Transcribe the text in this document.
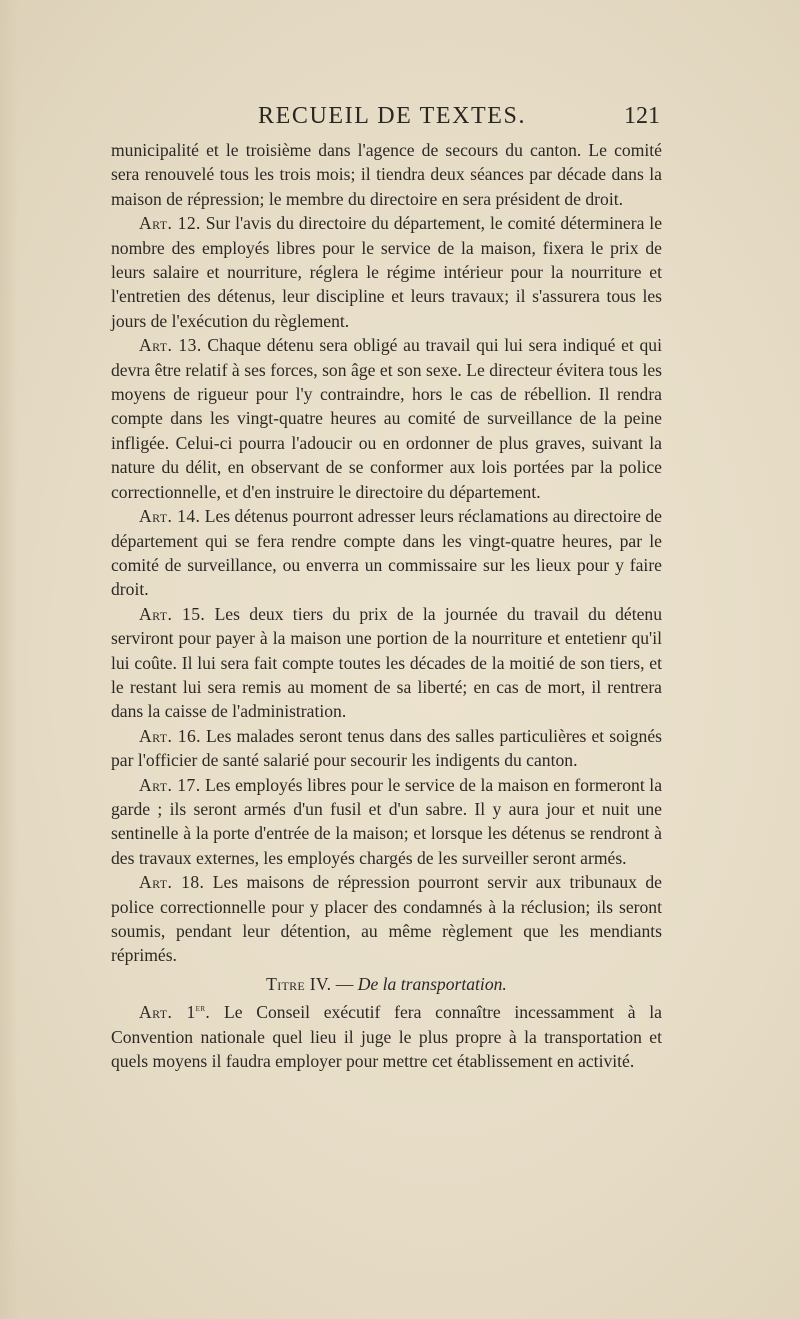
RECUEIL DE TEXTES.	121

municipalité et le troisième dans l'agence de secours du canton. Le comité sera renouvelé tous les trois mois; il tiendra deux séances par décade dans la maison de répression; le membre du directoire en sera président de droit.

Art. 12. Sur l'avis du directoire du département, le comité déterminera le nombre des employés libres pour le service de la maison, fixera le prix de leurs salaire et nourriture, réglera le régime intérieur pour la nourriture et l'entretien des détenus, leur discipline et leurs travaux; il s'assurera tous les jours de l'exécution du règlement.

Art. 13. Chaque détenu sera obligé au travail qui lui sera indiqué et qui devra être relatif à ses forces, son âge et son sexe. Le directeur évitera tous les moyens de rigueur pour l'y contraindre, hors le cas de rébellion. Il rendra compte dans les vingt-quatre heures au comité de surveillance de la peine infligée. Celui-ci pourra l'adoucir ou en ordonner de plus graves, suivant la nature du délit, en observant de se conformer aux lois portées par la police correctionnelle, et d'en instruire le directoire du département.

Art. 14. Les détenus pourront adresser leurs réclamations au directoire de département qui se fera rendre compte dans les vingt-quatre heures, par le comité de surveillance, ou enverra un commissaire sur les lieux pour y faire droit.

Art. 15. Les deux tiers du prix de la journée du travail du détenu serviront pour payer à la maison une portion de la nourriture et entetienr qu'il lui coûte. Il lui sera fait compte toutes les décades de la moitié de son tiers, et le restant lui sera remis au moment de sa liberté; en cas de mort, il rentrera dans la caisse de l'administration.

Art. 16. Les malades seront tenus dans des salles particulières et soignés par l'officier de santé salarié pour secourir les indigents du canton.

Art. 17. Les employés libres pour le service de la maison en formeront la garde ; ils seront armés d'un fusil et d'un sabre. Il y aura jour et nuit une sentinelle à la porte d'entrée de la maison; et lorsque les détenus se rendront à des travaux externes, les employés chargés de les surveiller seront armés.

Art. 18. Les maisons de répression pourront servir aux tribunaux de police correctionnelle pour y placer des condamnés à la réclusion; ils seront soumis, pendant leur détention, au même règlement que les mendiants réprimés.

Titre IV. — De la transportation.

Art. 1er. Le Conseil exécutif fera connaître incessamment à la Convention nationale quel lieu il juge le plus propre à la transportation et quels moyens il faudra employer pour mettre cet établissement en activité.
